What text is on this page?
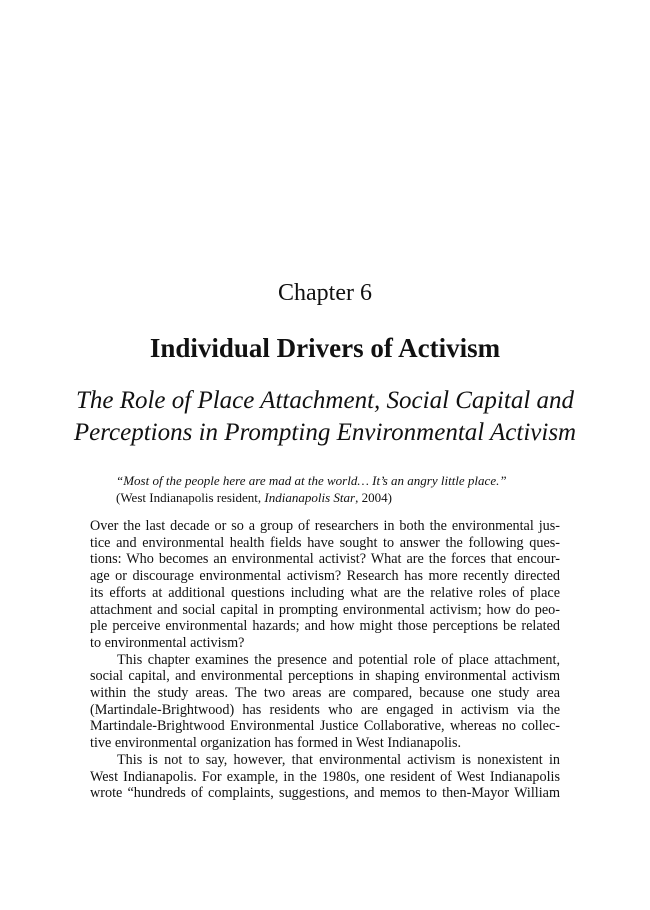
Chapter 6
Individual Drivers of Activism
The Role of Place Attachment, Social Capital and
Perceptions in Prompting Environmental Activism
“Most of the people here are mad at the world… It’s an angry little place.”
(West Indianapolis resident, Indianapolis Star, 2004)
Over the last decade or so a group of researchers in both the environmental jus-
tice and environmental health fields have sought to answer the following ques-
tions: Who becomes an environmental activist? What are the forces that encour-
age or discourage environmental activism? Research has more recently directed
its efforts at additional questions including what are the relative roles of place
attachment and social capital in prompting environmental activism; how do peo-
ple perceive environmental hazards; and how might those perceptions be related
to environmental activism?
This chapter examines the presence and potential role of place attachment,
social capital, and environmental perceptions in shaping environmental activism
within the study areas. The two areas are compared, because one study area
(Martindale-Brightwood) has residents who are engaged in activism via the
Martindale-Brightwood Environmental Justice Collaborative, whereas no collec-
tive environmental organization has formed in West Indianapolis.
This is not to say, however, that environmental activism is nonexistent in
West Indianapolis. For example, in the 1980s, one resident of West Indianapolis
wrote “hundreds of complaints, suggestions, and memos to then-Mayor William
